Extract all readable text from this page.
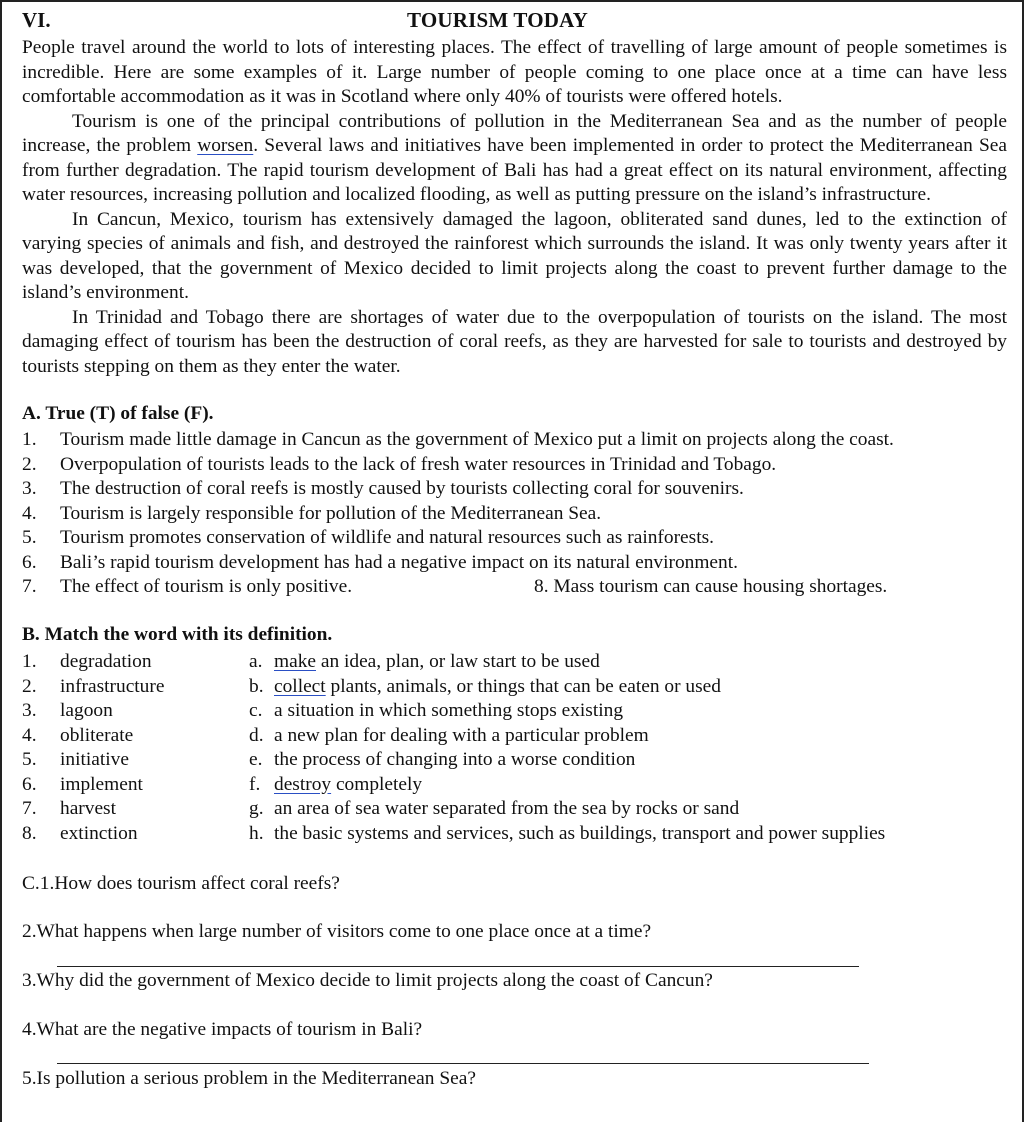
VI.	TOURISM TODAY

People travel around the world to lots of interesting places. The effect of travelling of large amount of people sometimes is incredible. Here are some examples of it. Large number of people coming to one place once at a time can have less comfortable accommodation as it was in Scotland where only 40% of tourists were offered hotels.

Tourism is one of the principal contributions of pollution in the Mediterranean Sea and as the number of people increase, the problem worsen. Several laws and initiatives have been implemented in order to protect the Mediterranean Sea from further degradation. The rapid tourism development of Bali has had a great effect on its natural environment, affecting water resources, increasing pollution and localized flooding, as well as putting pressure on the island’s infrastructure.

In Cancun, Mexico, tourism has extensively damaged the lagoon, obliterated sand dunes, led to the extinction of varying species of animals and fish, and destroyed the rainforest which surrounds the island. It was only twenty years after it was developed, that the government of Mexico decided to limit projects along the coast to prevent further damage to the island’s environment.

In Trinidad and Tobago there are shortages of water due to the overpopulation of tourists on the island. The most damaging effect of tourism has been the destruction of coral reefs, as they are harvested for sale to tourists and destroyed by tourists stepping on them as they enter the water.

A. True (T) of false (F).
1. Tourism made little damage in Cancun as the government of Mexico put a limit on projects along the coast.
2. Overpopulation of tourists leads to the lack of fresh water resources in Trinidad and Tobago.
3. The destruction of coral reefs is mostly caused by tourists collecting coral for souvenirs.
4. Tourism is largely responsible for pollution of the Mediterranean Sea.
5. Tourism promotes conservation of wildlife and natural resources such as rainforests.
6. Bali’s rapid tourism development has had a negative impact on its natural environment.
7. The effect of tourism is only positive.	8. Mass tourism can cause housing shortages.
B. Match the word with its definition.
1. degradation
2. infrastructure
3. lagoon
4. obliterate
5. initiative
6. implement
7. harvest
8. extinction
a. make an idea, plan, or law start to be used
b. collect plants, animals, or things that can be eaten or used
c. a situation in which something stops existing
d. a new plan for dealing with a particular problem
e. the process of changing into a worse condition
f. destroy completely
g. an area of sea water separated from the sea by rocks or sand
h. the basic systems and services, such as buildings, transport and power supplies
C.1.How does tourism affect coral reefs?
2.What happens when large number of visitors come to one place once at a time?
3.Why did the government of Mexico decide to limit projects along the coast of Cancun?
4.What are the negative impacts of tourism in Bali?
5.Is pollution a serious problem in the Mediterranean Sea?
